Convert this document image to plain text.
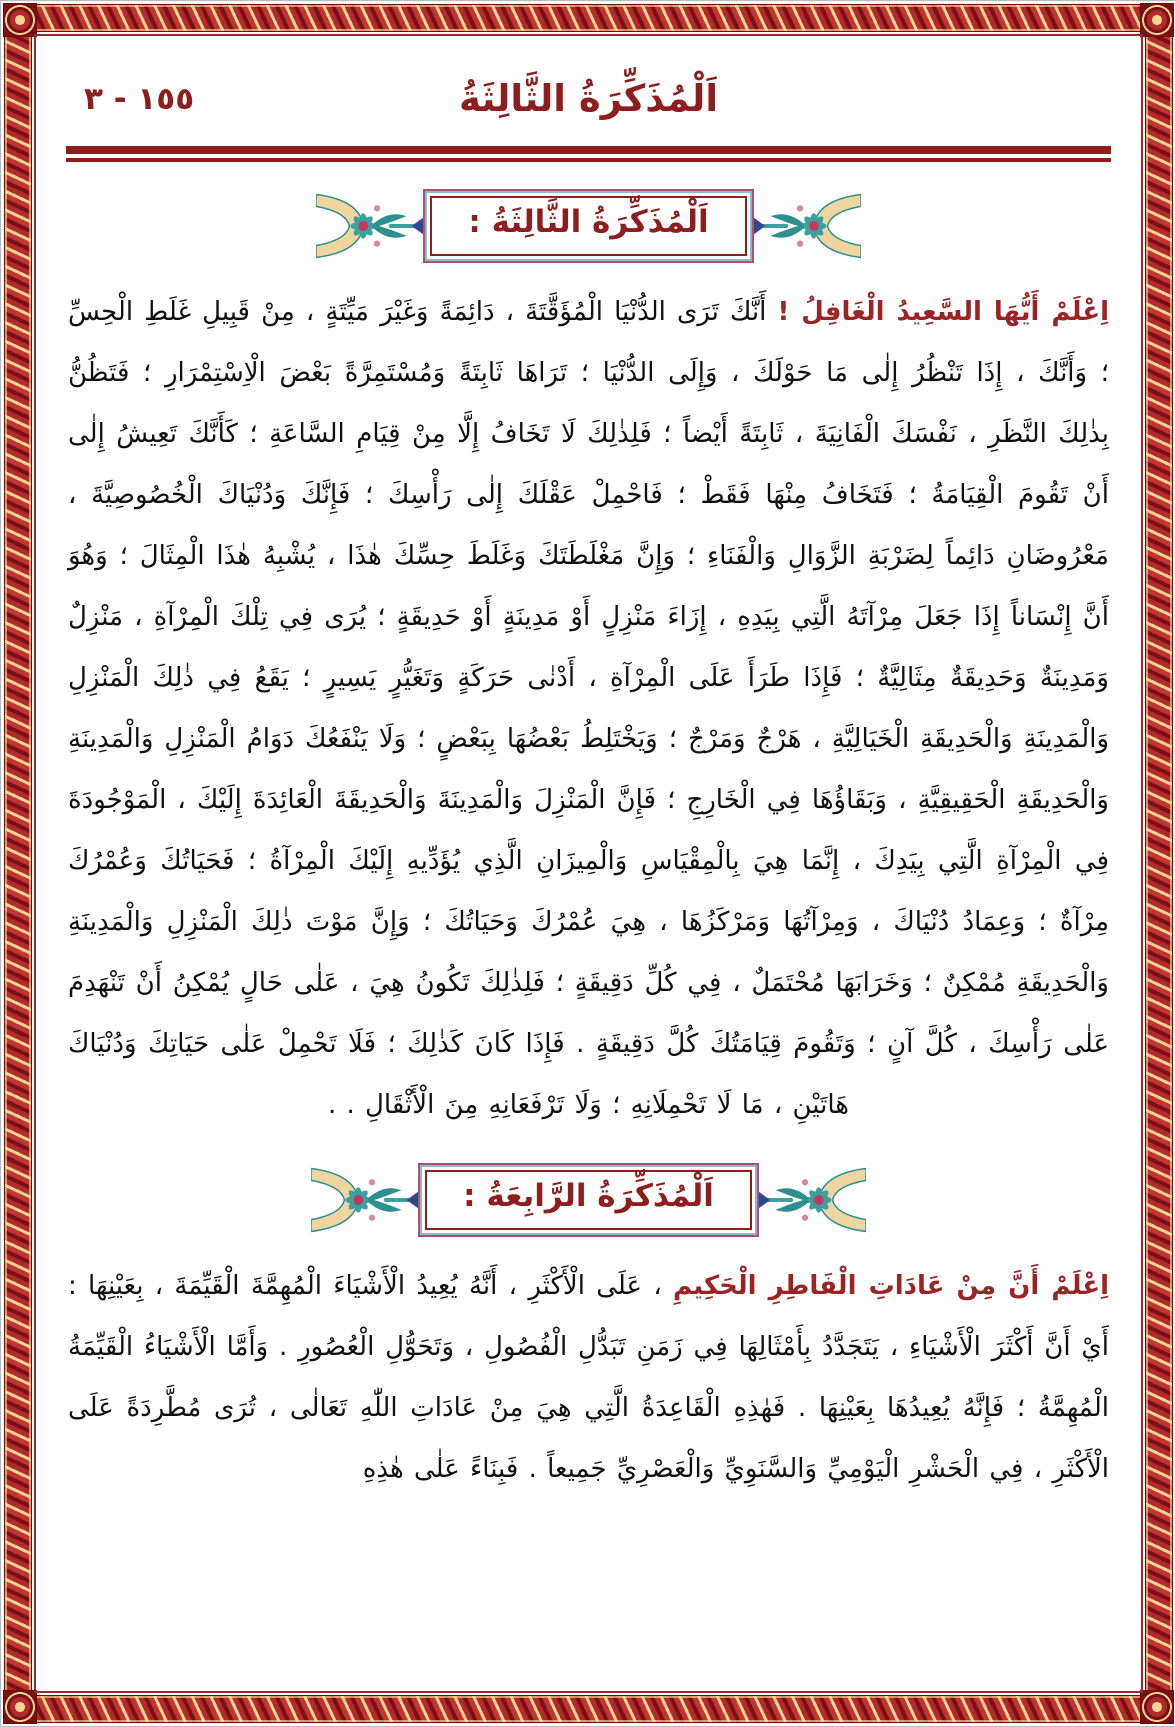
١٥٥ - ٣	اَلْمُذَكِّرَةُ الثَّالِثَةُ
اَلْمُذَكِّرَةُ الثَّالِثَةُ :

اِعْلَمْ أَيُّهَا السَّعِيدُ الْغَافِلُ ! أَنَّكَ تَرَى الدُّنْيَا الْمُؤَقَّتَةَ ، دَائِمَةً وَغَيْرَ مَيِّتَةٍ ، مِنْ قَبِيلِ غَلَطِ الْحِسِّ ؛ وَأَنَّكَ ، إِذَا تَنْظُرُ إِلٰى مَا حَوْلَكَ ، وَإِلَى الدُّنْيَا ؛ تَرَاهَا ثَابِتَةً وَمُسْتَمِرَّةً بَعْضَ الْاِسْتِمْرَارِ ؛ فَتَظُنُّ بِذٰلِكَ النَّظَرِ ، نَفْسَكَ الْفَانِيَةَ ، ثَابِتَةً أَيْضاً ؛ فَلِذٰلِكَ لَا تَخَافُ إِلَّا مِنْ قِيَامِ السَّاعَةِ ؛ كَأَنَّكَ تَعِيشُ إِلٰى أَنْ تَقُومَ الْقِيَامَةُ ؛ فَتَخَافُ مِنْهَا فَقَطْ ؛ فَاحْمِلْ عَقْلَكَ إِلٰى رَأْسِكَ ؛ فَإِنَّكَ وَدُنْيَاكَ الْخُصُوصِيَّةَ ، مَعْرُوضَانِ دَائِماً لِضَرْبَةِ الزَّوَالِ وَالْفَنَاءِ ؛ وَإِنَّ مَغْلَطَتَكَ وَغَلَطَ حِسِّكَ هٰذَا ، يُشْبِهُ هٰذَا الْمِثَالَ ؛ وَهُوَ أَنَّ إِنْسَاناً إِذَا جَعَلَ مِرْآتَهُ الَّتِي بِيَدِهِ ، إِزَاءَ مَنْزِلٍ أَوْ مَدِينَةٍ أَوْ حَدِيقَةٍ ؛ يُرَى فِي تِلْكَ الْمِرْآةِ ، مَنْزِلٌ وَمَدِينَةٌ وَحَدِيقَةٌ مِثَالِيَّةٌ ؛ فَإِذَا طَرَأَ عَلَى الْمِرْآةِ ، أَدْنٰى حَرَكَةٍ وَتَغَيُّرٍ يَسِيرٍ ؛ يَقَعُ فِي ذٰلِكَ الْمَنْزِلِ وَالْمَدِينَةِ وَالْحَدِيقَةِ الْخَيَالِيَّةِ ، هَرْجٌ وَمَرْجٌ ؛ وَيَخْتَلِطُ بَعْضُهَا بِبَعْضٍ ؛ وَلَا يَنْفَعُكَ دَوَامُ الْمَنْزِلِ وَالْمَدِينَةِ وَالْحَدِيقَةِ الْحَقِيقِيَّةِ ، وَبَقَاؤُهَا فِي الْخَارِجِ ؛ فَإِنَّ الْمَنْزِلَ وَالْمَدِينَةَ وَالْحَدِيقَةَ الْعَائِدَةَ إِلَيْكَ ، الْمَوْجُودَةَ فِي الْمِرْآةِ الَّتِي بِيَدِكَ ، إِنَّمَا هِيَ بِالْمِقْيَاسِ وَالْمِيزَانِ الَّذِي يُؤَدِّيهِ إِلَيْكَ الْمِرْآةُ ؛ فَحَيَاتُكَ وَعُمْرُكَ مِرْآةٌ ؛ وَعِمَادُ دُنْيَاكَ ، وَمِرْآتُهَا وَمَرْكَزُهَا ، هِيَ عُمْرُكَ وَحَيَاتُكَ ؛ وَإِنَّ مَوْتَ ذٰلِكَ الْمَنْزِلِ وَالْمَدِينَةِ وَالْحَدِيقَةِ مُمْكِنٌ ؛ وَخَرَابَهَا مُحْتَمَلٌ ، فِي كُلِّ دَقِيقَةٍ ؛ فَلِذٰلِكَ تَكُونُ هِيَ ، عَلٰى حَالٍ يُمْكِنُ أَنْ تَنْهَدِمَ عَلٰى رَأْسِكَ ، كُلَّ آنٍ ؛ وَتَقُومَ قِيَامَتُكَ كُلَّ دَقِيقَةٍ . فَإِذَا كَانَ كَذٰلِكَ ؛ فَلَا تَحْمِلْ عَلٰى حَيَاتِكَ وَدُنْيَاكَ هَاتَيْنِ ، مَا لَا تَحْمِلَانِهِ ؛ وَلَا تَرْفَعَانِهِ مِنَ الْأَثْقَالِ . .

اَلْمُذَكِّرَةُ الرَّابِعَةُ :

اِعْلَمْ أَنَّ مِنْ عَادَاتِ الْفَاطِرِ الْحَكِيمِ ، عَلَى الْأَكْثَرِ ، أَنَّهُ يُعِيدُ الْأَشْيَاءَ الْمُهِمَّةَ الْقَيِّمَةَ ، بِعَيْنِهَا : أَيْ أَنَّ أَكْثَرَ الْأَشْيَاءِ ، يَتَجَدَّدُ بِأَمْثَالِهَا فِي زَمَنِ تَبَدُّلِ الْفُصُولِ ، وَتَحَوُّلِ الْعُصُورِ . وَأَمَّا الْأَشْيَاءُ الْقَيِّمَةُ الْمُهِمَّةُ ؛ فَإِنَّهُ يُعِيدُهَا بِعَيْنِهَا . فَهٰذِهِ الْقَاعِدَةُ الَّتِي هِيَ مِنْ عَادَاتِ اللّٰهِ تَعَالٰى ، تُرَى مُطَّرِدَةً عَلَى الْأَكْثَرِ ، فِي الْحَشْرِ الْيَوْمِيِّ وَالسَّنَوِيِّ وَالْعَصْرِيِّ جَمِيعاً . فَبِنَاءً عَلٰى هٰذِهِ
